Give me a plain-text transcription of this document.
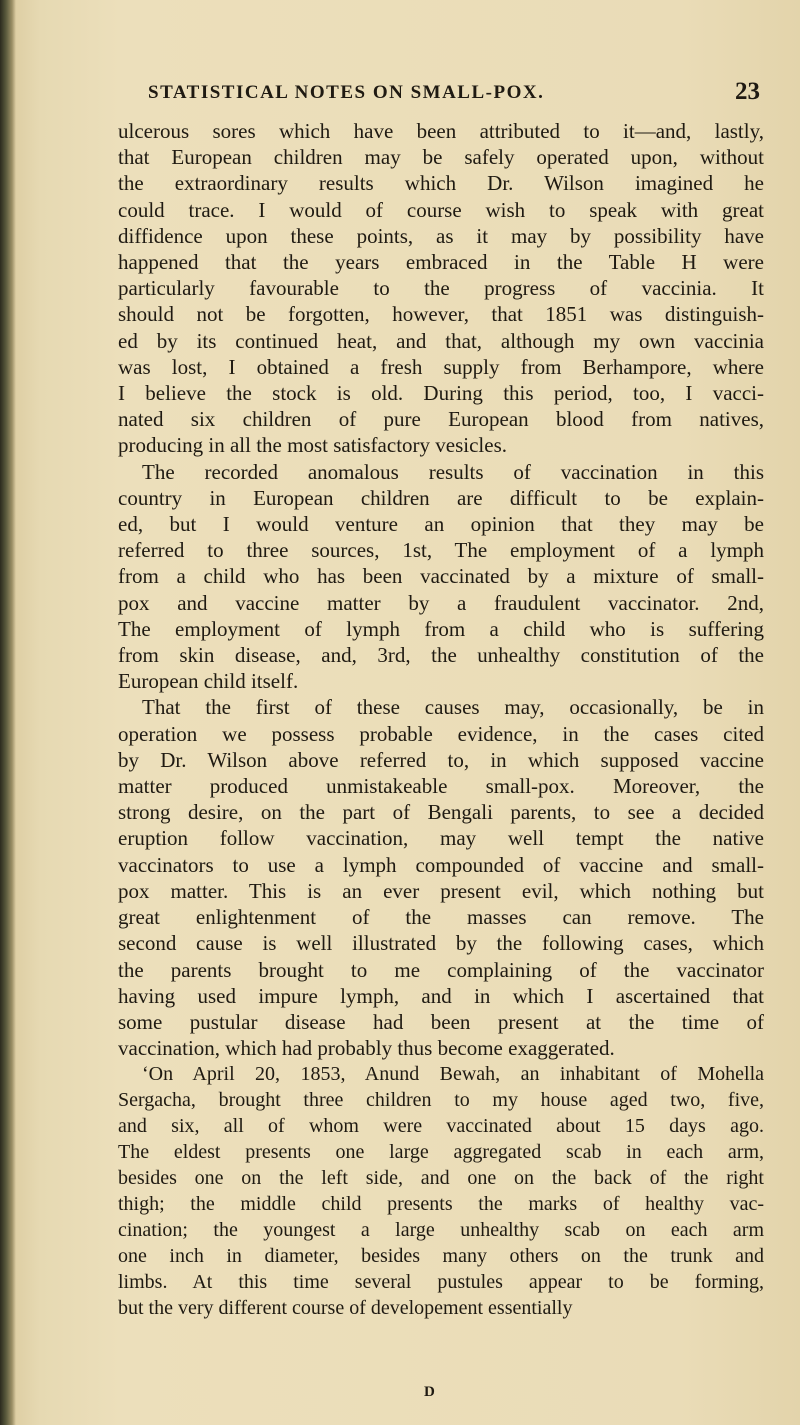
STATISTICAL NOTES ON SMALL-POX.	23
ulcerous sores which have been attributed to it—and, lastly,
that European children may be safely operated upon, without
the extraordinary results which Dr. Wilson imagined he
could trace. I would of course wish to speak with great
diffidence upon these points, as it may by possibility have
happened that the years embraced in the Table H were
particularly favourable to the progress of vaccinia. It
should not be forgotten, however, that 1851 was distinguish-
ed by its continued heat, and that, although my own vaccinia
was lost, I obtained a fresh supply from Berhampore, where
I believe the stock is old. During this period, too, I vacci-
nated six children of pure European blood from natives,
producing in all the most satisfactory vesicles.
The recorded anomalous results of vaccination in this
country in European children are difficult to be explain-
ed, but I would venture an opinion that they may be
referred to three sources, 1st, The employment of a lymph
from a child who has been vaccinated by a mixture of small-
pox and vaccine matter by a fraudulent vaccinator. 2nd,
The employment of lymph from a child who is suffering
from skin disease, and, 3rd, the unhealthy constitution of the
European child itself.
That the first of these causes may, occasionally, be in
operation we possess probable evidence, in the cases cited
by Dr. Wilson above referred to, in which supposed vaccine
matter produced unmistakeable small-pox. Moreover, the
strong desire, on the part of Bengali parents, to see a decided
eruption follow vaccination, may well tempt the native
vaccinators to use a lymph compounded of vaccine and small-
pox matter. This is an ever present evil, which nothing but
great enlightenment of the masses can remove. The
second cause is well illustrated by the following cases, which
the parents brought to me complaining of the vaccinator
having used impure lymph, and in which I ascertained that
some pustular disease had been present at the time of
vaccination, which had probably thus become exaggerated.
‘On April 20, 1853, Anund Bewah, an inhabitant of Mohella
Sergacha, brought three children to my house aged two, five,
and six, all of whom were vaccinated about 15 days ago.
The eldest presents one large aggregated scab in each arm,
besides one on the left side, and one on the back of the right
thigh; the middle child presents the marks of healthy vac-
cination; the youngest a large unhealthy scab on each arm
one inch in diameter, besides many others on the trunk and
limbs. At this time several pustules appear to be forming,
but the very different course of developement essentially
D
